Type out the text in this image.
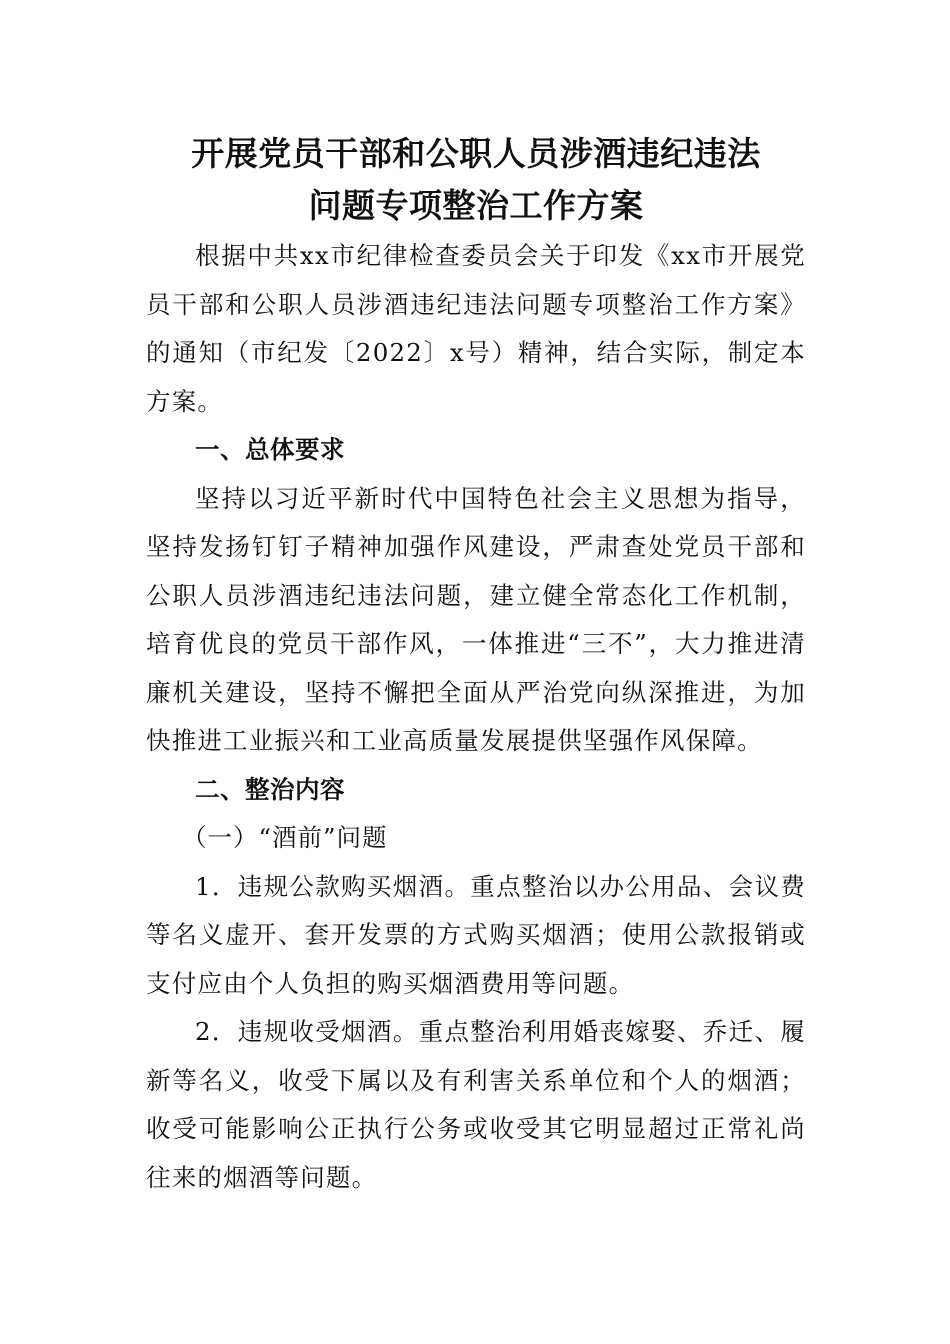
开展党员干部和公职人员涉酒违纪违法
问题专项整治工作方案

根据中共xx市纪律检查委员会关于印发《xx市开展党员干部和公职人员涉酒违纪违法问题专项整治工作方案》的通知（市纪发〔2022〕x号）精神，结合实际，制定本方案。

一、总体要求

坚持以习近平新时代中国特色社会主义思想为指导，坚持发扬钉钉子精神加强作风建设，严肃查处党员干部和公职人员涉酒违纪违法问题，建立健全常态化工作机制，培育优良的党员干部作风，一体推进“三不”，大力推进清廉机关建设，坚持不懈把全面从严治党向纵深推进，为加快推进工业振兴和工业高质量发展提供坚强作风保障。

二、整治内容

（一）“酒前”问题

1．违规公款购买烟酒。重点整治以办公用品、会议费等名义虚开、套开发票的方式购买烟酒；使用公款报销或支付应由个人负担的购买烟酒费用等问题。

2．违规收受烟酒。重点整治利用婚丧嫁娶、乔迁、履新等名义，收受下属以及有利害关系单位和个人的烟酒；收受可能影响公正执行公务或收受其它明显超过正常礼尚往来的烟酒等问题。
